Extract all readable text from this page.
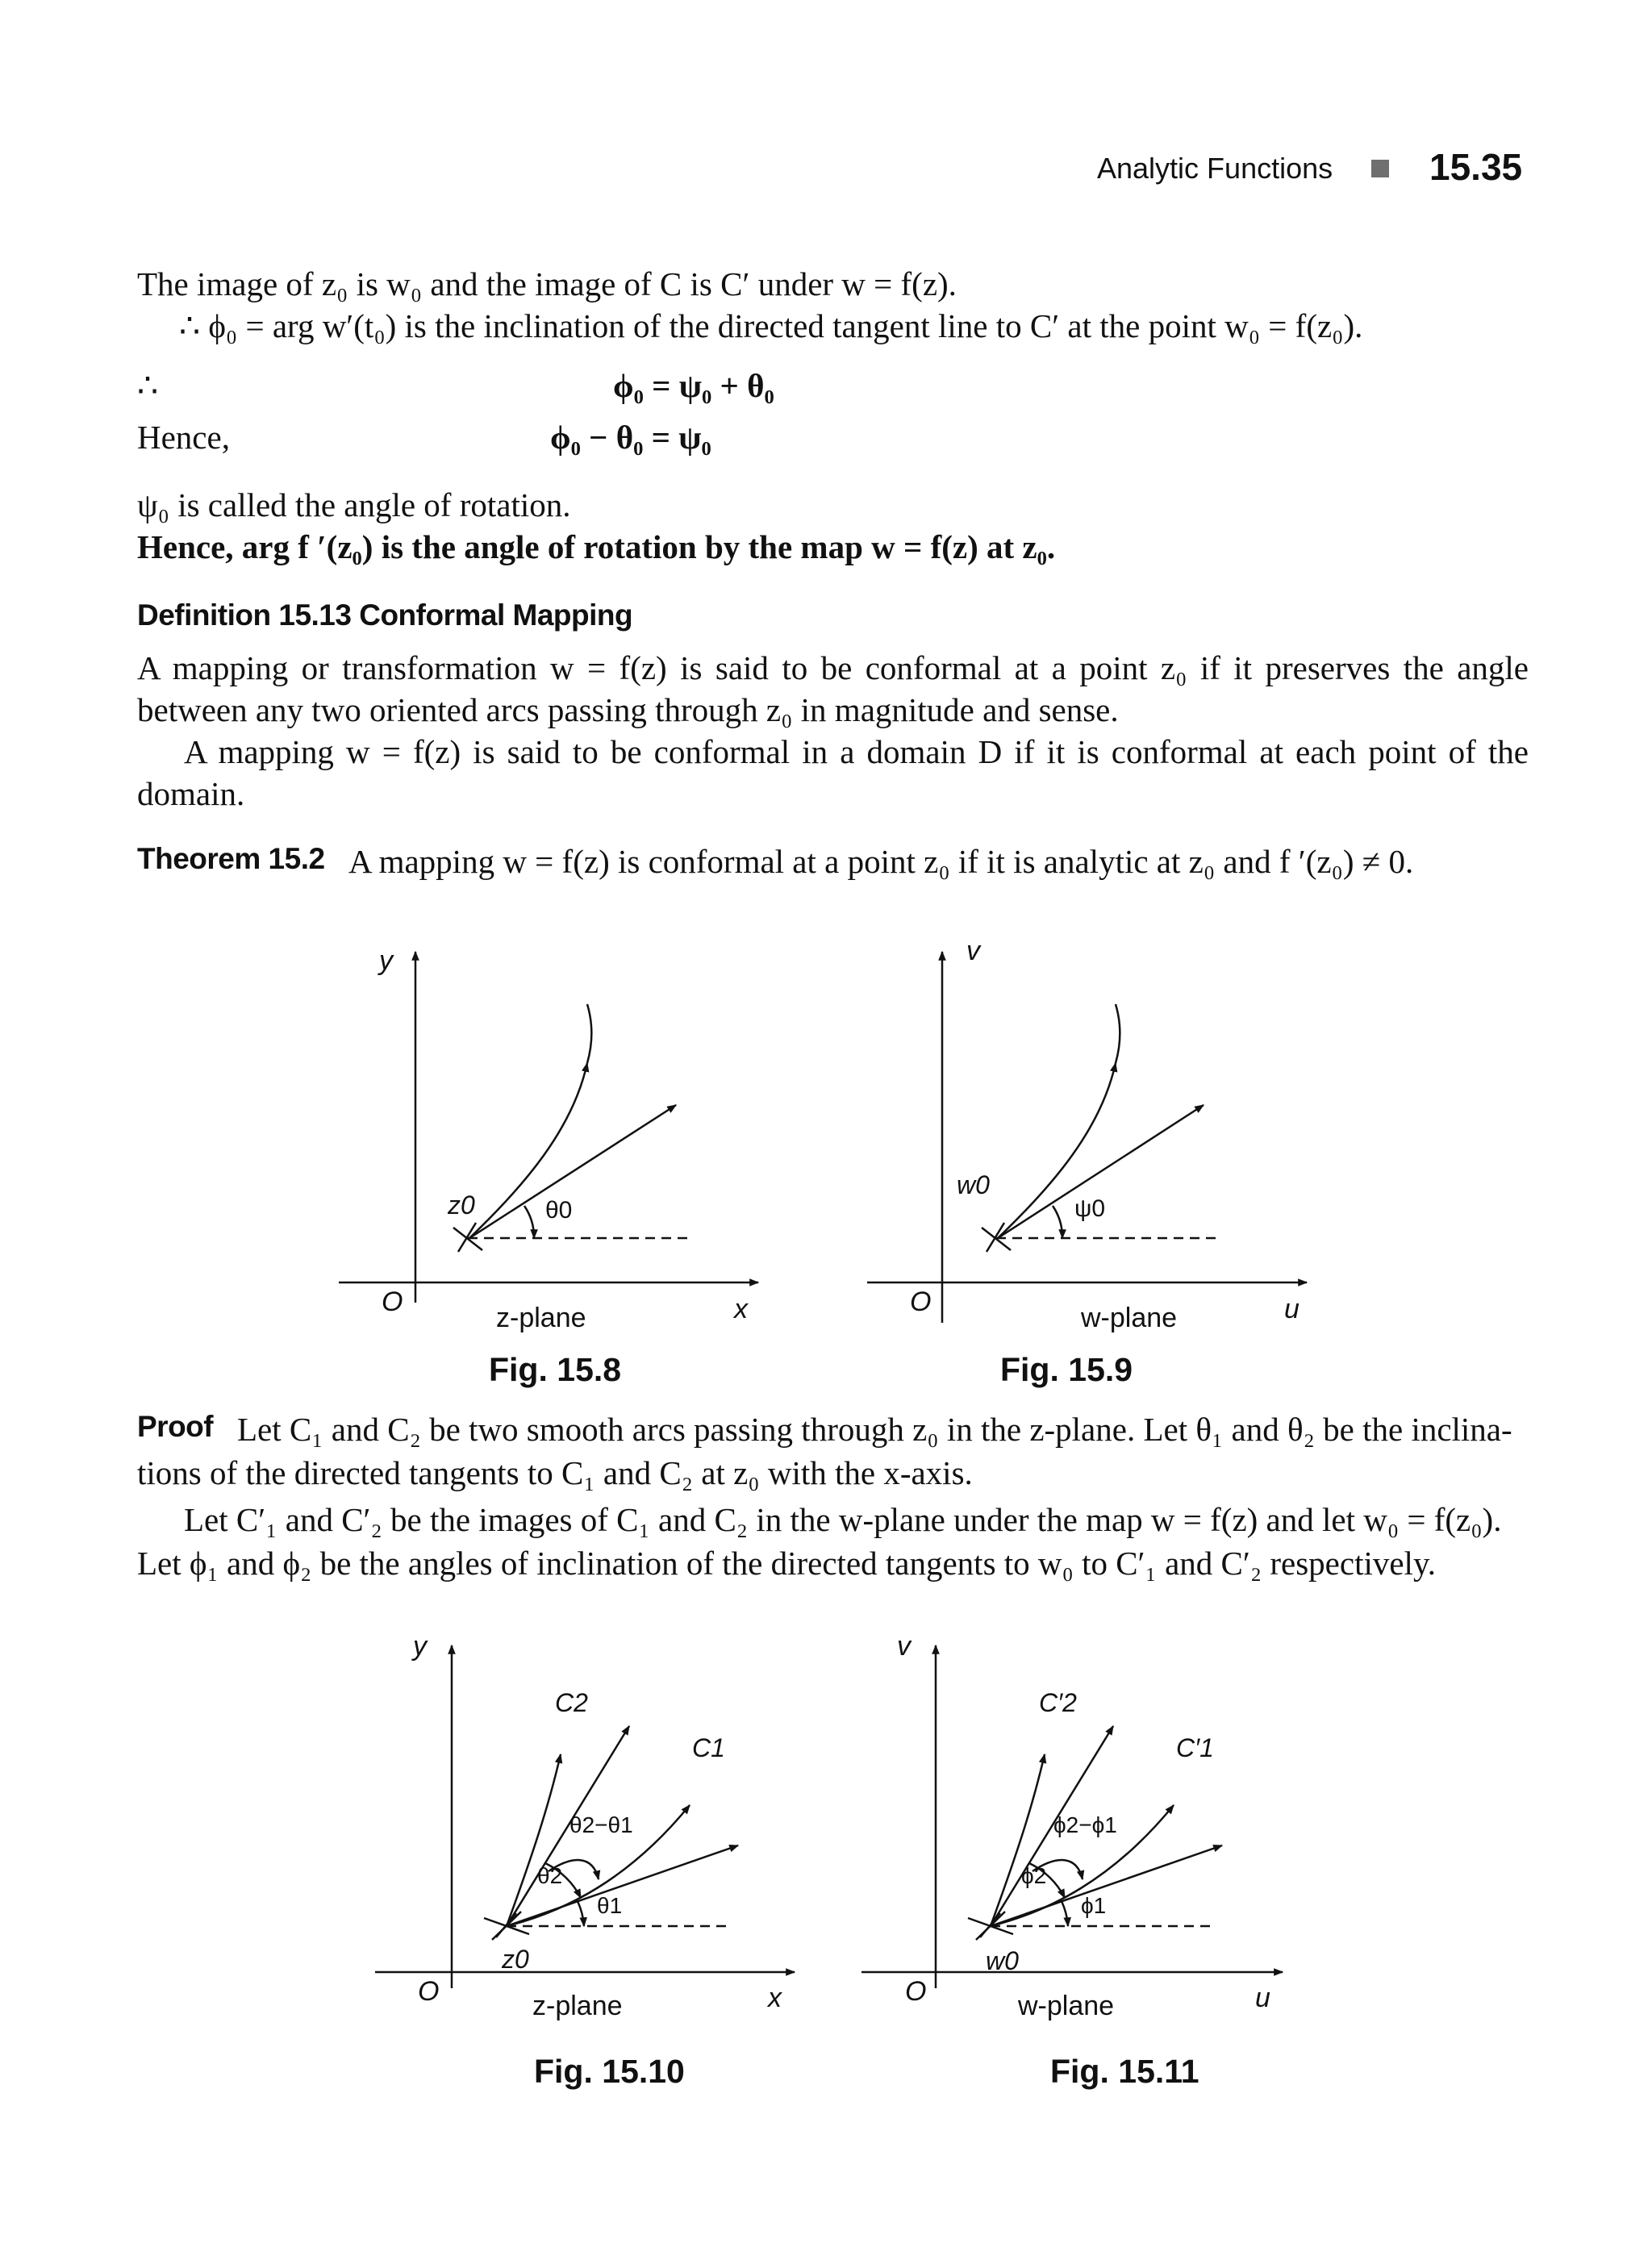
Analytic Functions	15.35
The image of z₀ is w₀ and the image of C is C′ under w = f(z).
∴ ϕ₀ = arg w′(t₀) is the inclination of the directed tangent line to C′ at the point w₀ = f(z₀).
∴	ϕ₀ = ψ₀ + θ₀
Hence,	ϕ₀ − θ₀ = ψ₀
ψ₀ is called the angle of rotation.
Hence, arg f ′(z₀) is the angle of rotation by the map w = f(z) at z₀.
Definition 15.13 Conformal Mapping
A mapping or transformation w = f(z) is said to be conformal at a point z₀ if it preserves the angle between any two oriented arcs passing through z₀ in magnitude and sense.
A mapping w = f(z) is said to be conformal in a domain D if it is conformal at each point of the
domain.
Theorem 15.2 A mapping w = f(z) is conformal at a point z₀ if it is analytic at z₀ and f ′(z₀) ≠ 0.
y
x
O
z0	θ0
z-plane
v
u
O
w0
ψ0
w-plane
Fig. 15.8	Fig. 15.9
Proof Let C₁ and C₂ be two smooth arcs passing through z₀ in the z-plane. Let θ₁ and θ₂ be the inclina-
tions of the directed tangents to C₁ and C₂ at z₀ with the x-axis.
Let C′₁ and C′₂ be the images of C₁ and C₂ in the w-plane under the map w = f(z) and let w₀ = f(z₀).
Let ϕ₁ and ϕ₂ be the angles of inclination of the directed tangents to w₀ to C′₁ and C′₂ respectively.
y
x
O
C2
C1
θ2−θ1
θ2
θ1
z0
z-plane
v
u
O
C′2
C′1
ϕ2−ϕ1
ϕ2
ϕ1
w0
w-plane
Fig. 15.10	Fig. 15.11
